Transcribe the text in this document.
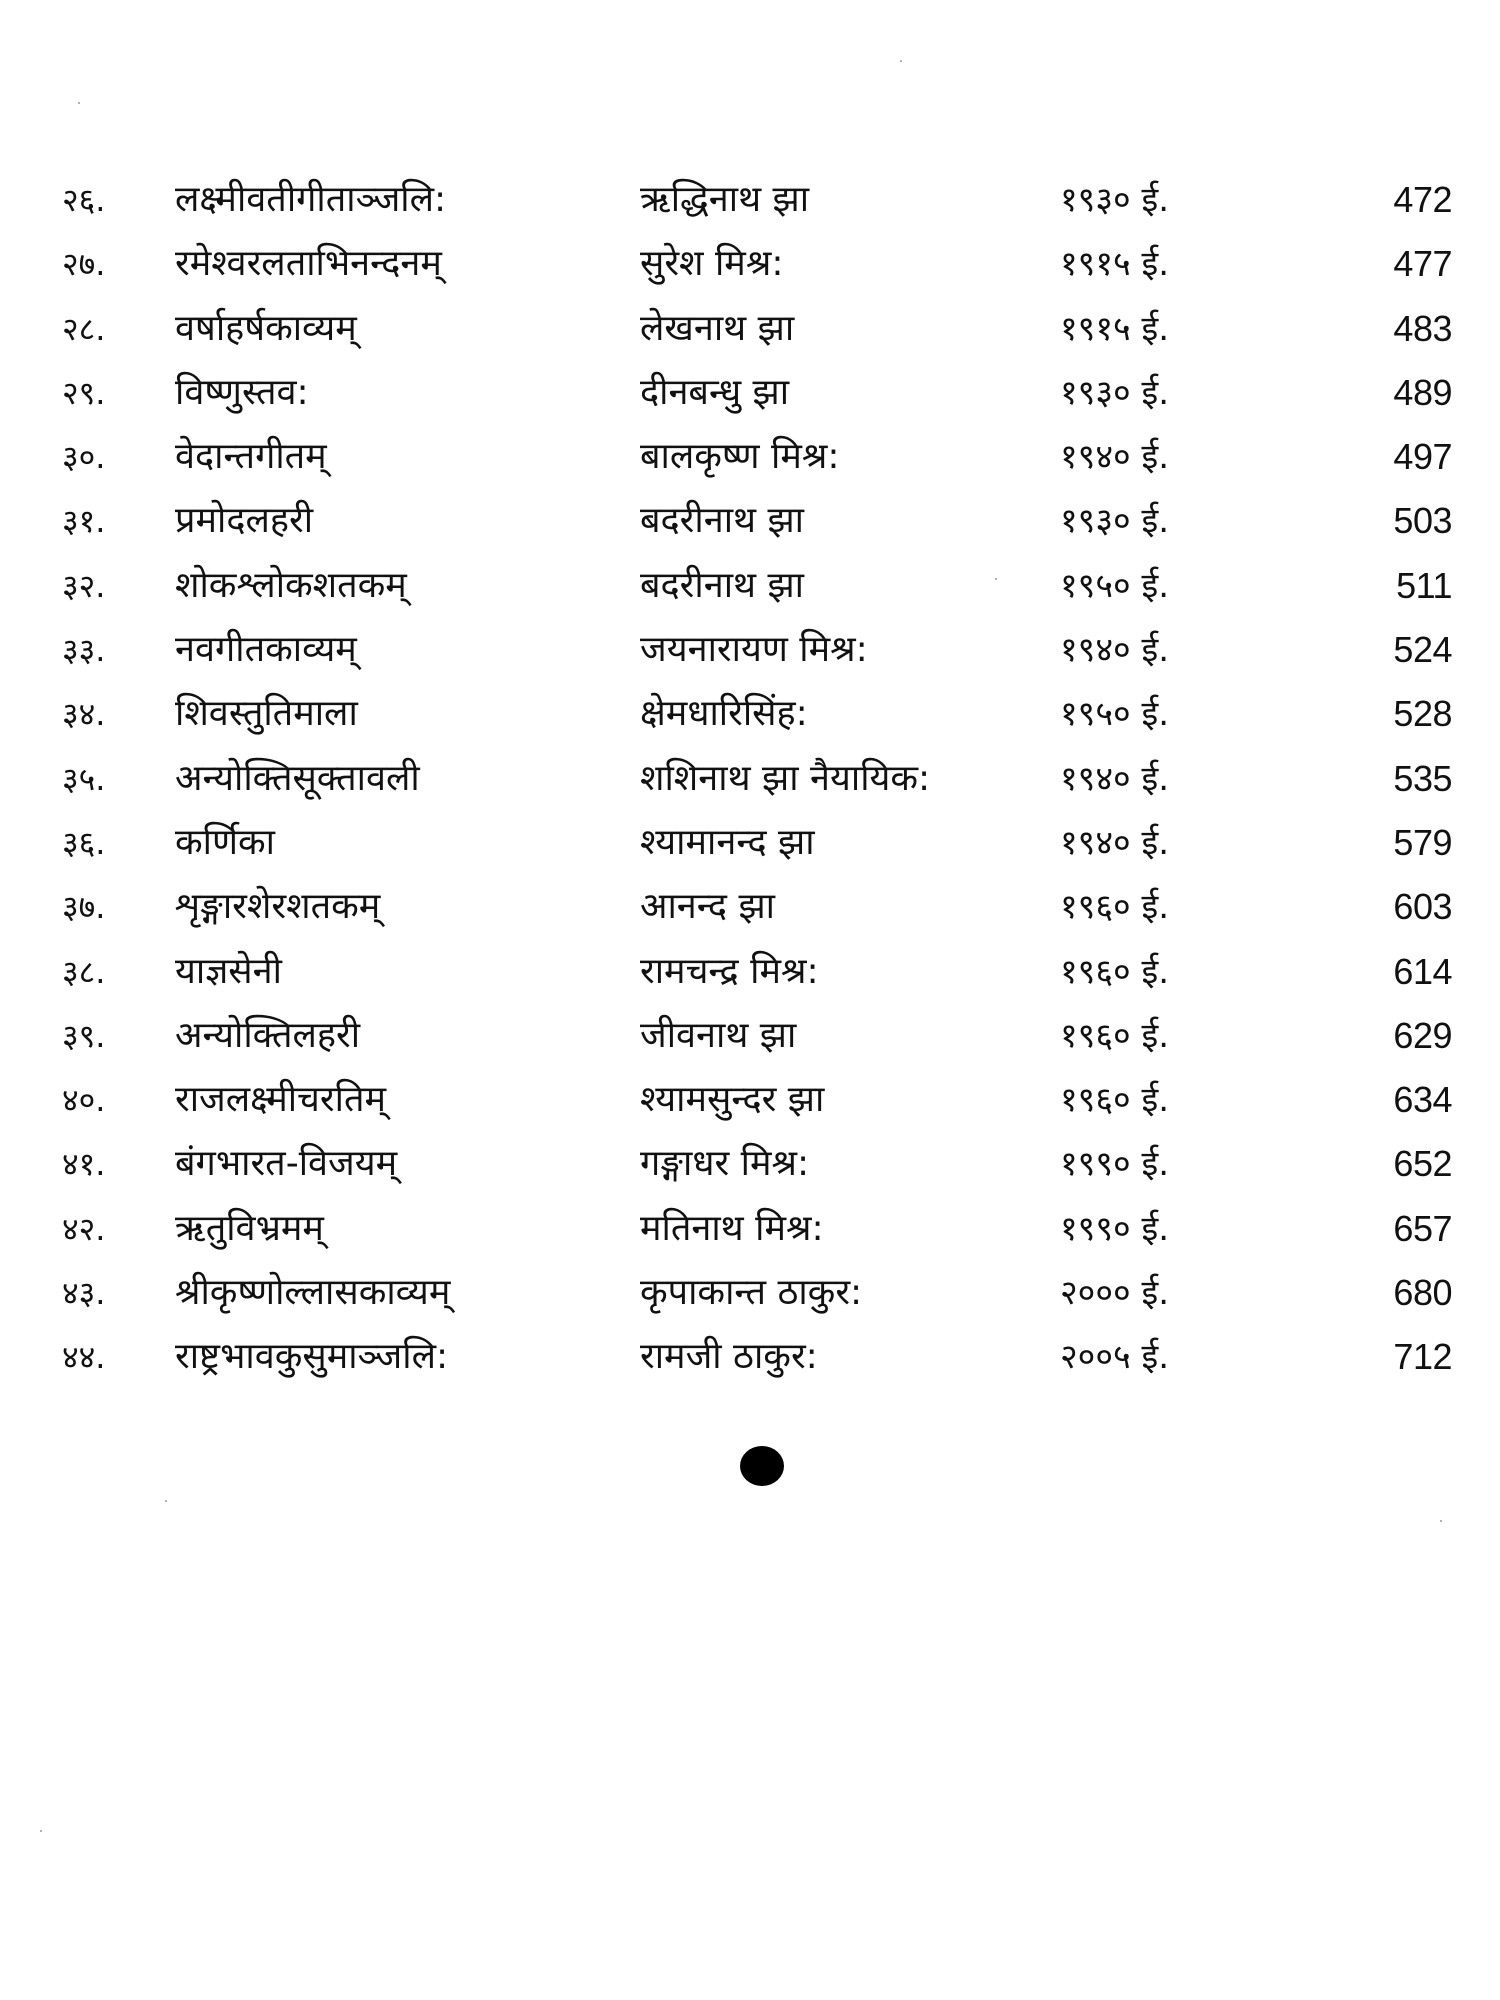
२६. लक्ष्मीवतीगीताञ्जलि:	ऋद्धिनाथ झा	१९३० ई.	472
२७. रमेश्वरलताभिनन्दनम्	सुरेश मिश्र:	१९१५ ई.	477
२८. वर्षाहर्षकाव्यम्	लेखनाथ झा	१९१५ ई.	483
२९. विष्णुस्तव:	दीनबन्धु झा	१९३० ई.	489
३०. वेदान्तगीतम्	बालकृष्ण मिश्र:	१९४० ई.	497
३१. प्रमोदलहरी	बदरीनाथ झा	१९३० ई.	503
३२. शोकश्लोकशतकम्	बदरीनाथ झा	१९५० ई.	511
३३. नवगीतकाव्यम्	जयनारायण मिश्र:	१९४० ई.	524
३४. शिवस्तुतिमाला	क्षेमधारिसिंह:	१९५० ई.	528
३५. अन्योक्तिसूक्तावली	शशिनाथ झा नैयायिक:	१९४० ई.	535
३६. कर्णिका	श्यामानन्द झा	१९४० ई.	579
३७. शृङ्गारशेरशतकम्	आनन्द झा	१९६० ई.	603
३८. याज्ञसेनी	रामचन्द्र मिश्र:	१९६० ई.	614
३९. अन्योक्तिलहरी	जीवनाथ झा	१९६० ई.	629
४०. राजलक्ष्मीचरतिम्	श्यामसुन्दर झा	१९६० ई.	634
४१. बंगभारत-विजयम्	गङ्गाधर मिश्र:	१९९० ई.	652
४२. ऋतुविभ्रमम्	मतिनाथ मिश्र:	१९९० ई.	657
४३. श्रीकृष्णोल्लासकाव्यम्	कृपाकान्त ठाकुर:	२००० ई.	680
४४. राष्ट्रभावकुसुमाञ्जलि:	रामजी ठाकुर:	२००५ ई.	712
